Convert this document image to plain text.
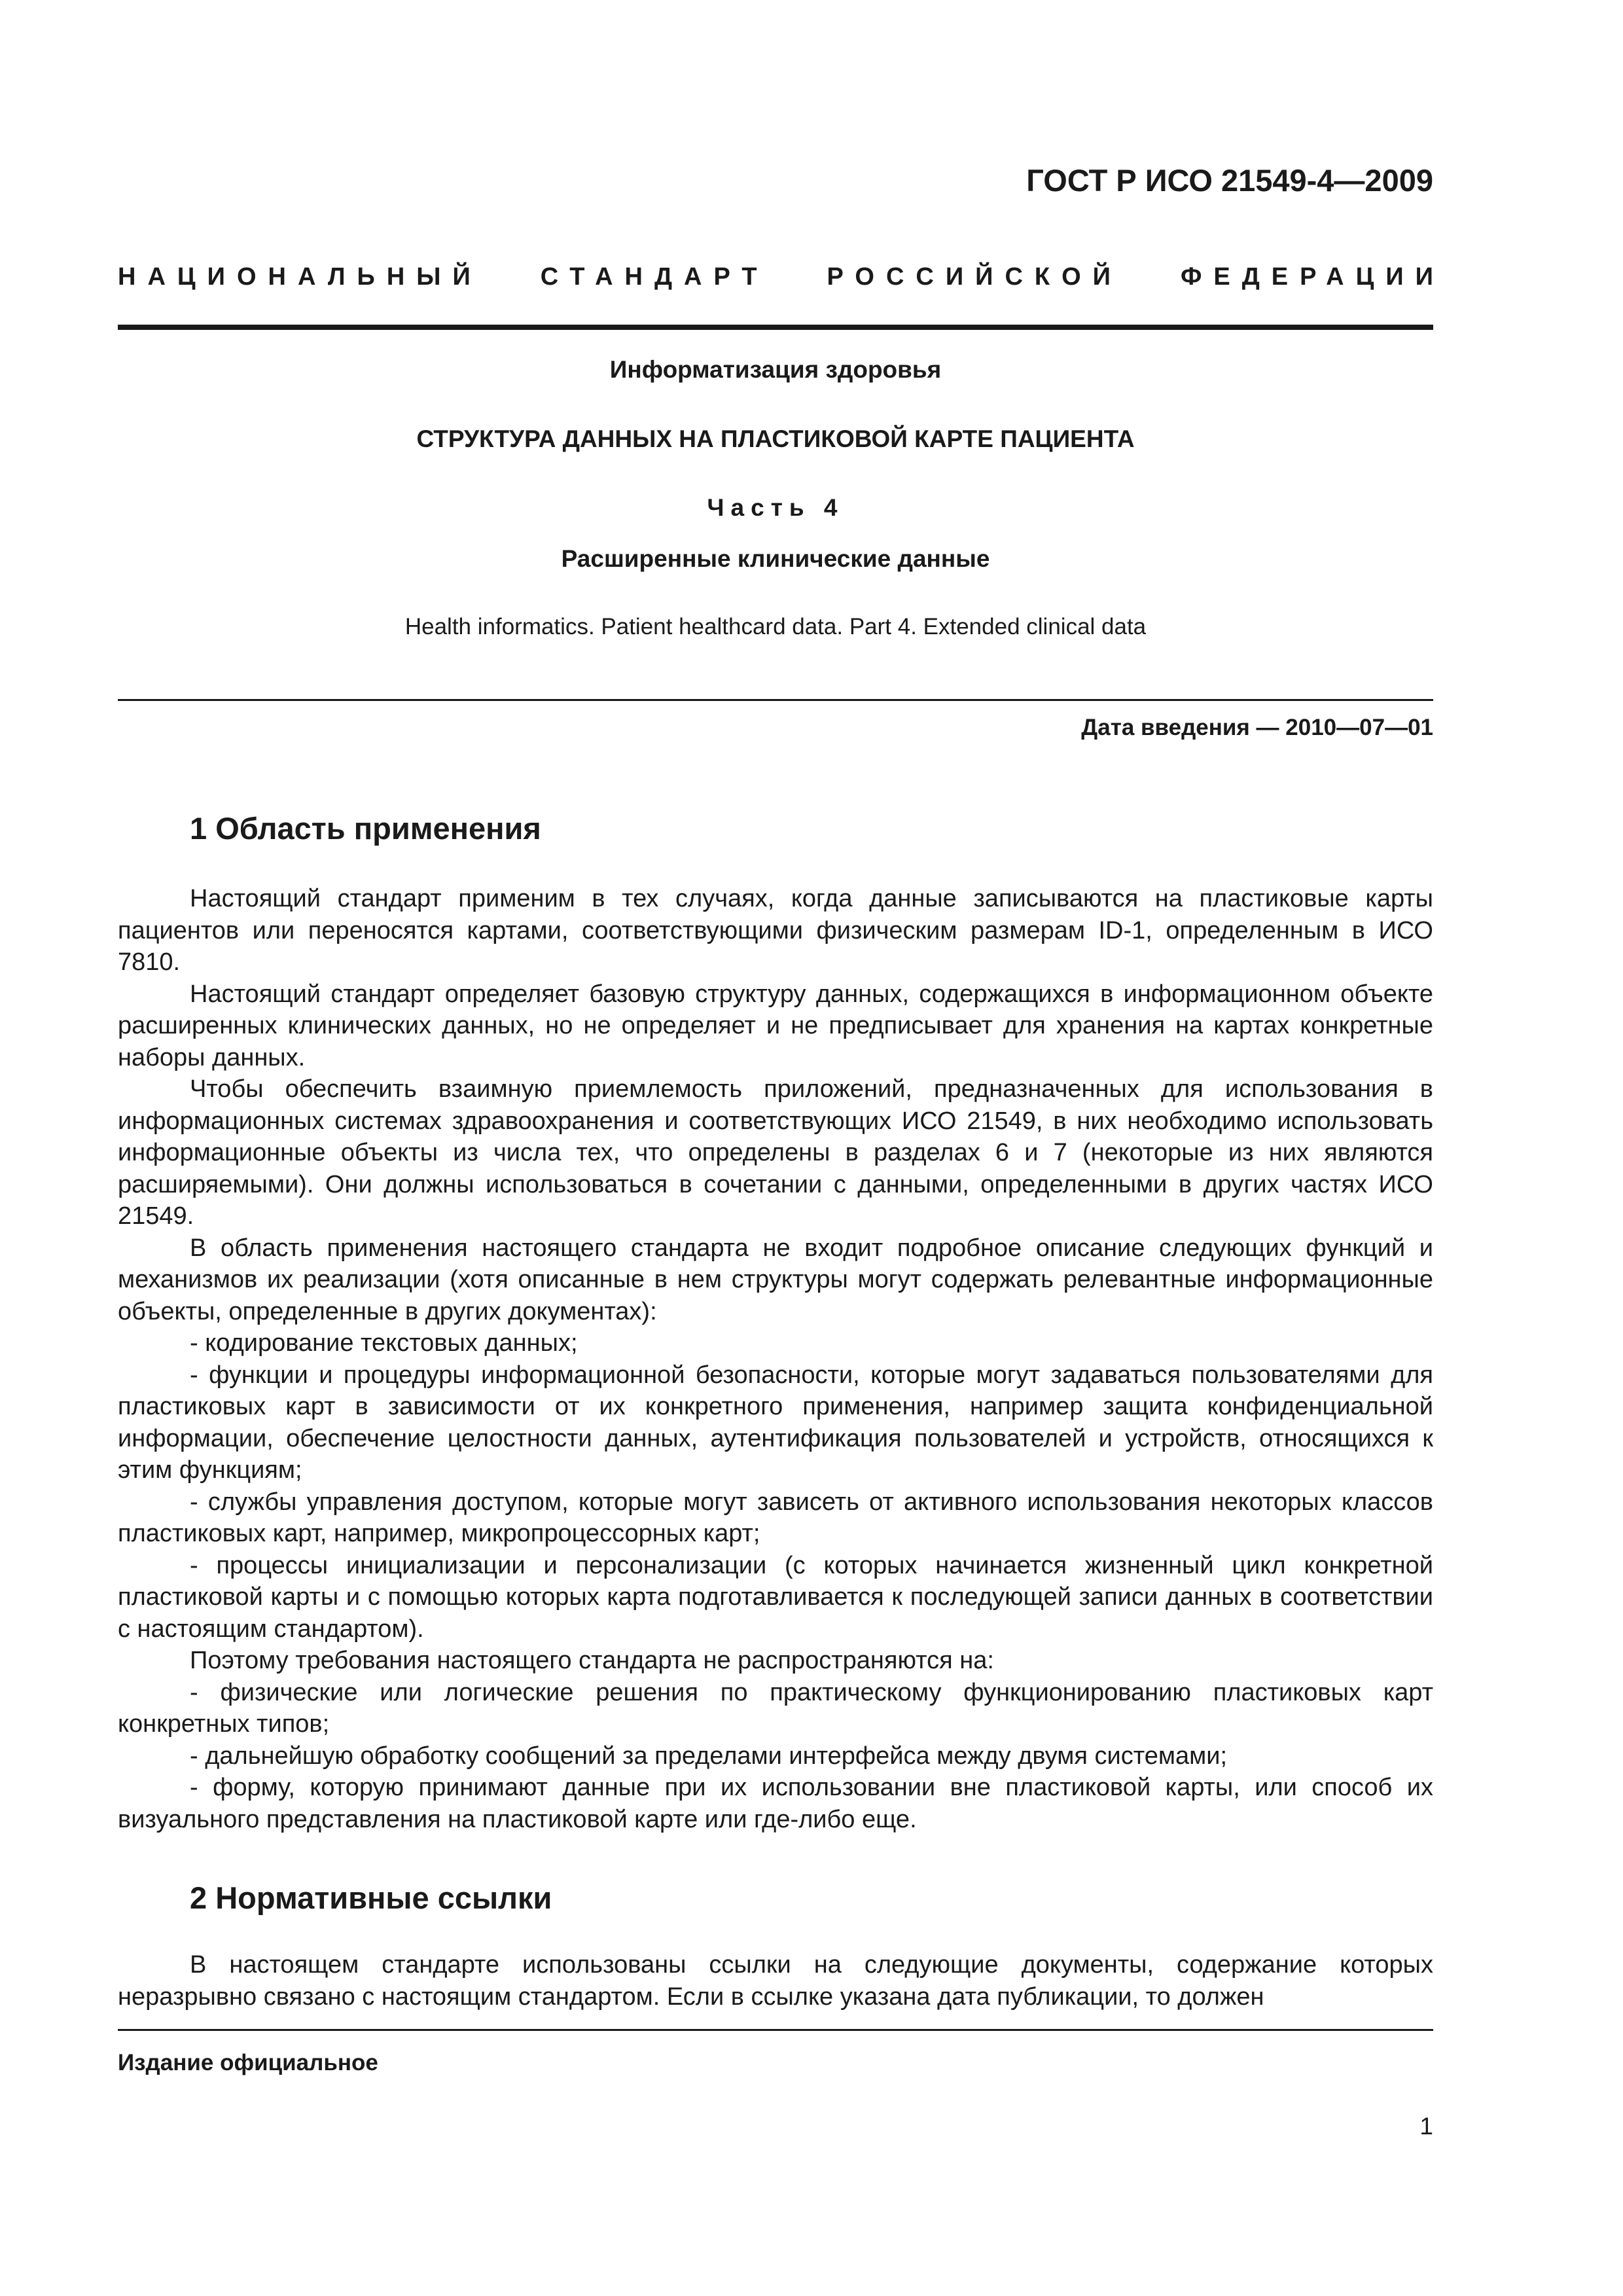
ГОСТ Р ИСО 21549-4—2009
НАЦИОНАЛЬНЫЙ СТАНДАРТ РОССИЙСКОЙ ФЕДЕРАЦИИ
Информатизация здоровья
СТРУКТУРА ДАННЫХ НА ПЛАСТИКОВОЙ КАРТЕ ПАЦИЕНТА
Часть 4
Расширенные клинические данные
Health informatics. Patient healthcard data. Part 4. Extended clinical data
Дата введения — 2010—07—01
1 Область применения

Настоящий стандарт применим в тех случаях, когда данные записываются на пластиковые карты пациентов или переносятся картами, соответствующими физическим размерам ID-1, определенным в ИСО 7810.

Настоящий стандарт определяет базовую структуру данных, содержащихся в информационном объекте расширенных клинических данных, но не определяет и не предписывает для хранения на картах конкретные наборы данных.

Чтобы обеспечить взаимную приемлемость приложений, предназначенных для использования в информационных системах здравоохранения и соответствующих ИСО 21549, в них необходимо использовать информационные объекты из числа тех, что определены в разделах 6 и 7 (некоторые из них являются расширяемыми). Они должны использоваться в сочетании с данными, определенными в других частях ИСО 21549.

В область применения настоящего стандарта не входит подробное описание следующих функций и механизмов их реализации (хотя описанные в нем структуры могут содержать релевантные информационные объекты, определенные в других документах):

- кодирование текстовых данных;

- функции и процедуры информационной безопасности, которые могут задаваться пользователями для пластиковых карт в зависимости от их конкретного применения, например защита конфиденциальной информации, обеспечение целостности данных, аутентификация пользователей и устройств, относящихся к этим функциям;

- службы управления доступом, которые могут зависеть от активного использования некоторых классов пластиковых карт, например, микропроцессорных карт;

- процессы инициализации и персонализации (с которых начинается жизненный цикл конкретной пластиковой карты и с помощью которых карта подготавливается к последующей записи данных в соответствии с настоящим стандартом).

Поэтому требования настоящего стандарта не распространяются на:

- физические или логические решения по практическому функционированию пластиковых карт конкретных типов;

- дальнейшую обработку сообщений за пределами интерфейса между двумя системами;

- форму, которую принимают данные при их использовании вне пластиковой карты, или способ их визуального представления на пластиковой карте или где-либо еще.

2 Нормативные ссылки

В настоящем стандарте использованы ссылки на следующие документы, содержание которых неразрывно связано с настоящим стандартом. Если в ссылке указана дата публикации, то должен

Издание официальное
1
